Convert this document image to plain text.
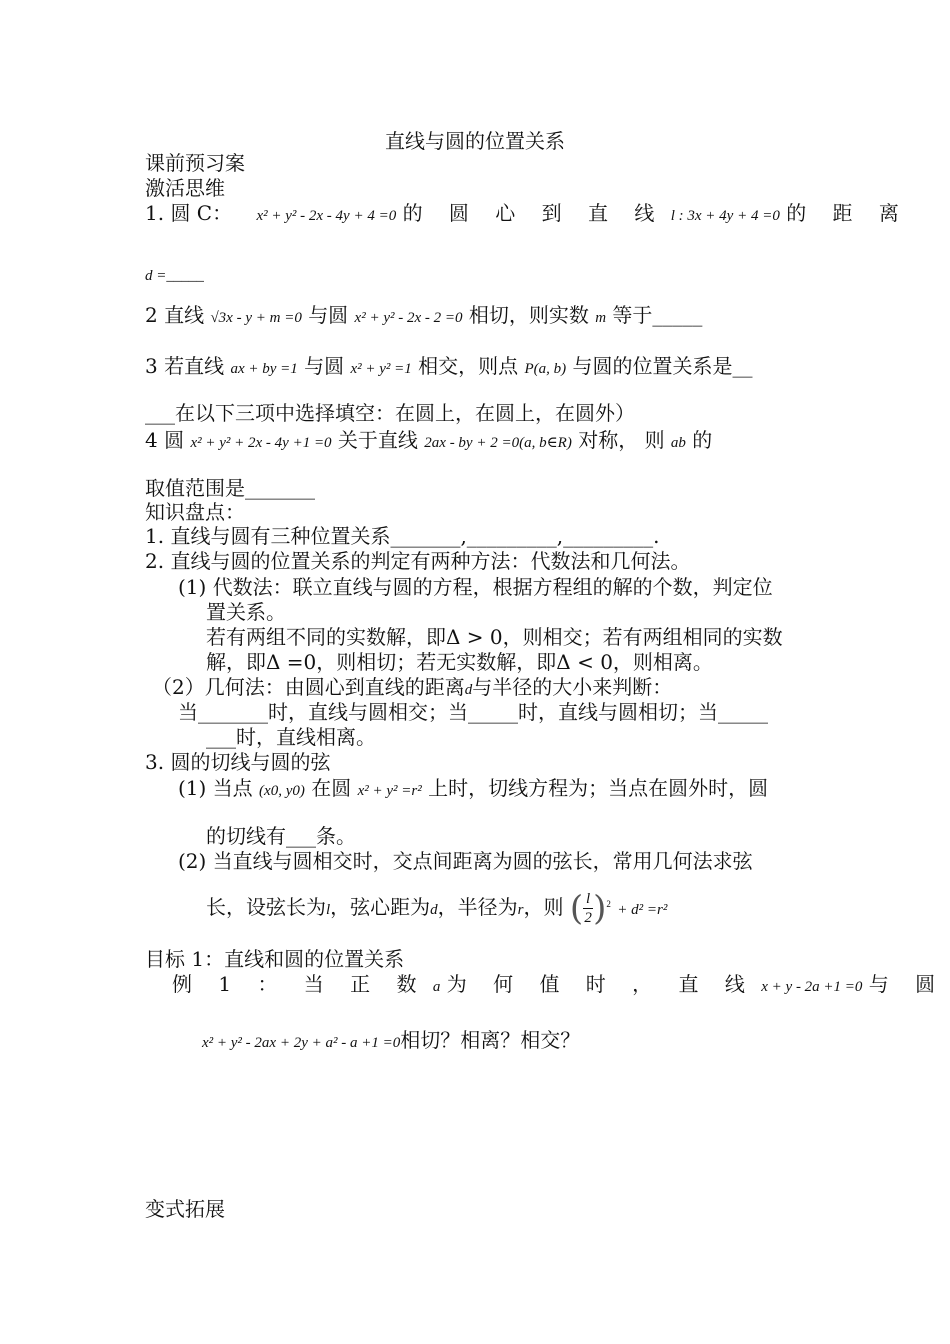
直线与圆的位置关系
课前预习案
激活思维
1. 圆 C： x² + y² - 2x - 4y + 4 =0 的 圆 心 到 直 线 l : 3x + 4y + 4 =0 的 距 离
d =_____
2 直线 √3x - y + m =0 与圆 x² + y² - 2x - 2 =0 相切，则实数 m 等于_____
3 若直线 ax + by =1 与圆 x² + y² =1 相交，则点 P(a, b) 与圆的位置关系是__
___在以下三项中选择填空：在圆上，在圆上，在圆外）
4 圆 x² + y² + 2x - 4y +1 =0 关于直线 2ax - by + 2 =0(a, b∈R) 对称， 则 ab 的
取值范围是_______
知识盘点：
1. 直线与圆有三种位置关系_______,_________,_________.
2. 直线与圆的位置关系的判定有两种方法：代数法和几何法。
(1) 代数法：联立直线与圆的方程，根据方程组的解的个数，判定位
置关系。
若有两组不同的实数解，即Δ > 0，则相交；若有两组相同的实数
解，即Δ =0，则相切；若无实数解，即Δ < 0，则相离。
（2）几何法：由圆心到直线的距离d与半径的大小来判断：
当_______时，直线与圆相交；当_____时，直线与圆相切；当_____
___时，直线相离。
3. 圆的切线与圆的弦
(1) 当点 (x0, y0) 在圆 x² + y² =r² 上时，切线方程为；当点在圆外时，圆
的切线有___条。
(2) 当直线与圆相交时，交点间距离为圆的弦长，常用几何法求弦
长，设弦长为l，弦心距为d，半径为r，则 ( $\frac{l}{2} )^2 + d^2 =r^2$
目标 1：直线和圆的位置关系
例 1 ： 当 正 数 a 为 何 值 时 ， 直 线 x + y - 2a +1 =0 与 圆
x² + y² - 2ax + 2y + a² - a +1 =0相切？相离？相交？
变式拓展
